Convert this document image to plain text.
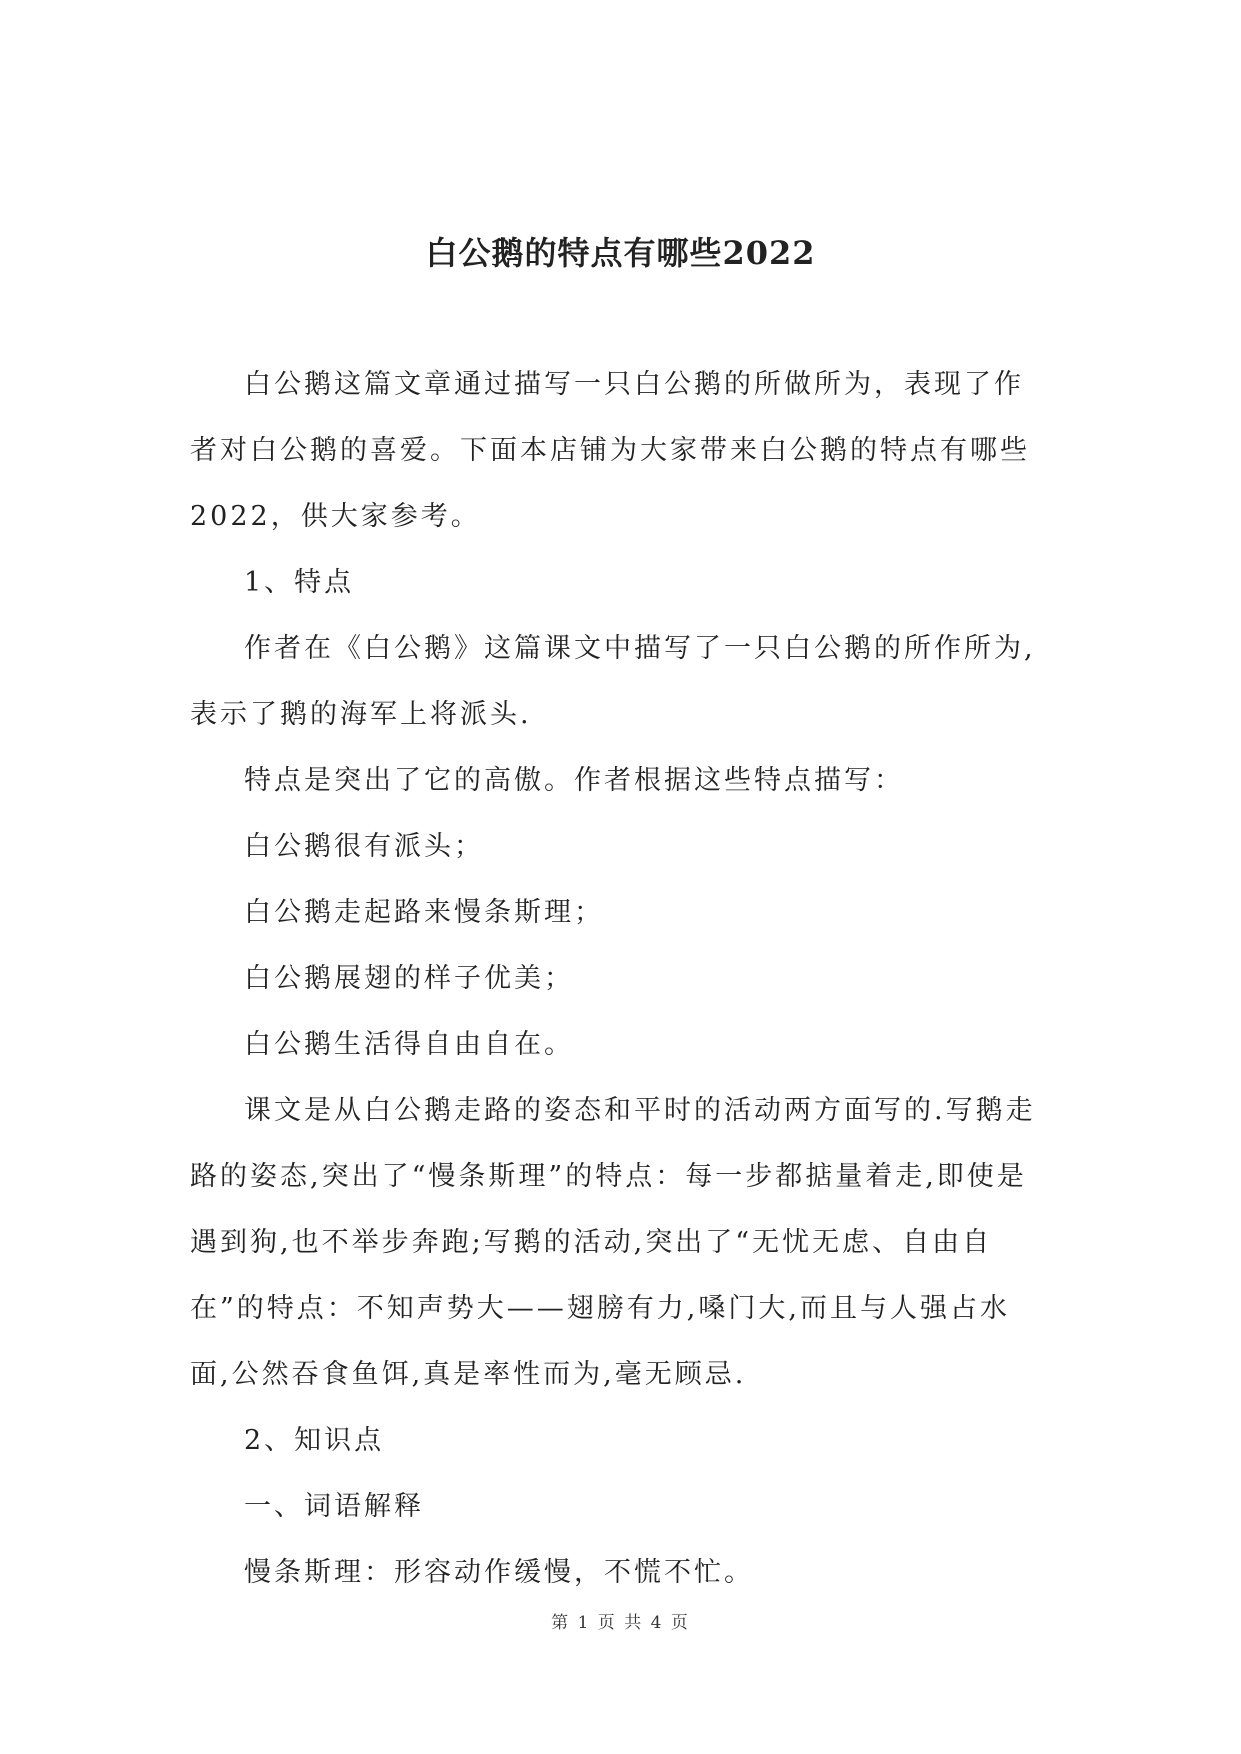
白公鹅的特点有哪些2022

白公鹅这篇文章通过描写一只白公鹅的所做所为，表现了作者对白公鹅的喜爱。下面本店铺为大家带来白公鹅的特点有哪些2022，供大家参考。

1、特点

作者在《白公鹅》这篇课文中描写了一只白公鹅的所作所为,表示了鹅的海军上将派头.

特点是突出了它的高傲。作者根据这些特点描写：

白公鹅很有派头；

白公鹅走起路来慢条斯理；

白公鹅展翅的样子优美；

白公鹅生活得自由自在。

课文是从白公鹅走路的姿态和平时的活动两方面写的.写鹅走路的姿态,突出了“慢条斯理”的特点：每一步都掂量着走,即使是遇到狗,也不举步奔跑;写鹅的活动,突出了“无忧无虑、自由自在”的特点：不知声势大——翅膀有力,嗓门大,而且与人强占水面,公然吞食鱼饵,真是率性而为,毫无顾忌.

2、知识点

一、词语解释

慢条斯理：形容动作缓慢，不慌不忙。

第 1 页 共 4 页
